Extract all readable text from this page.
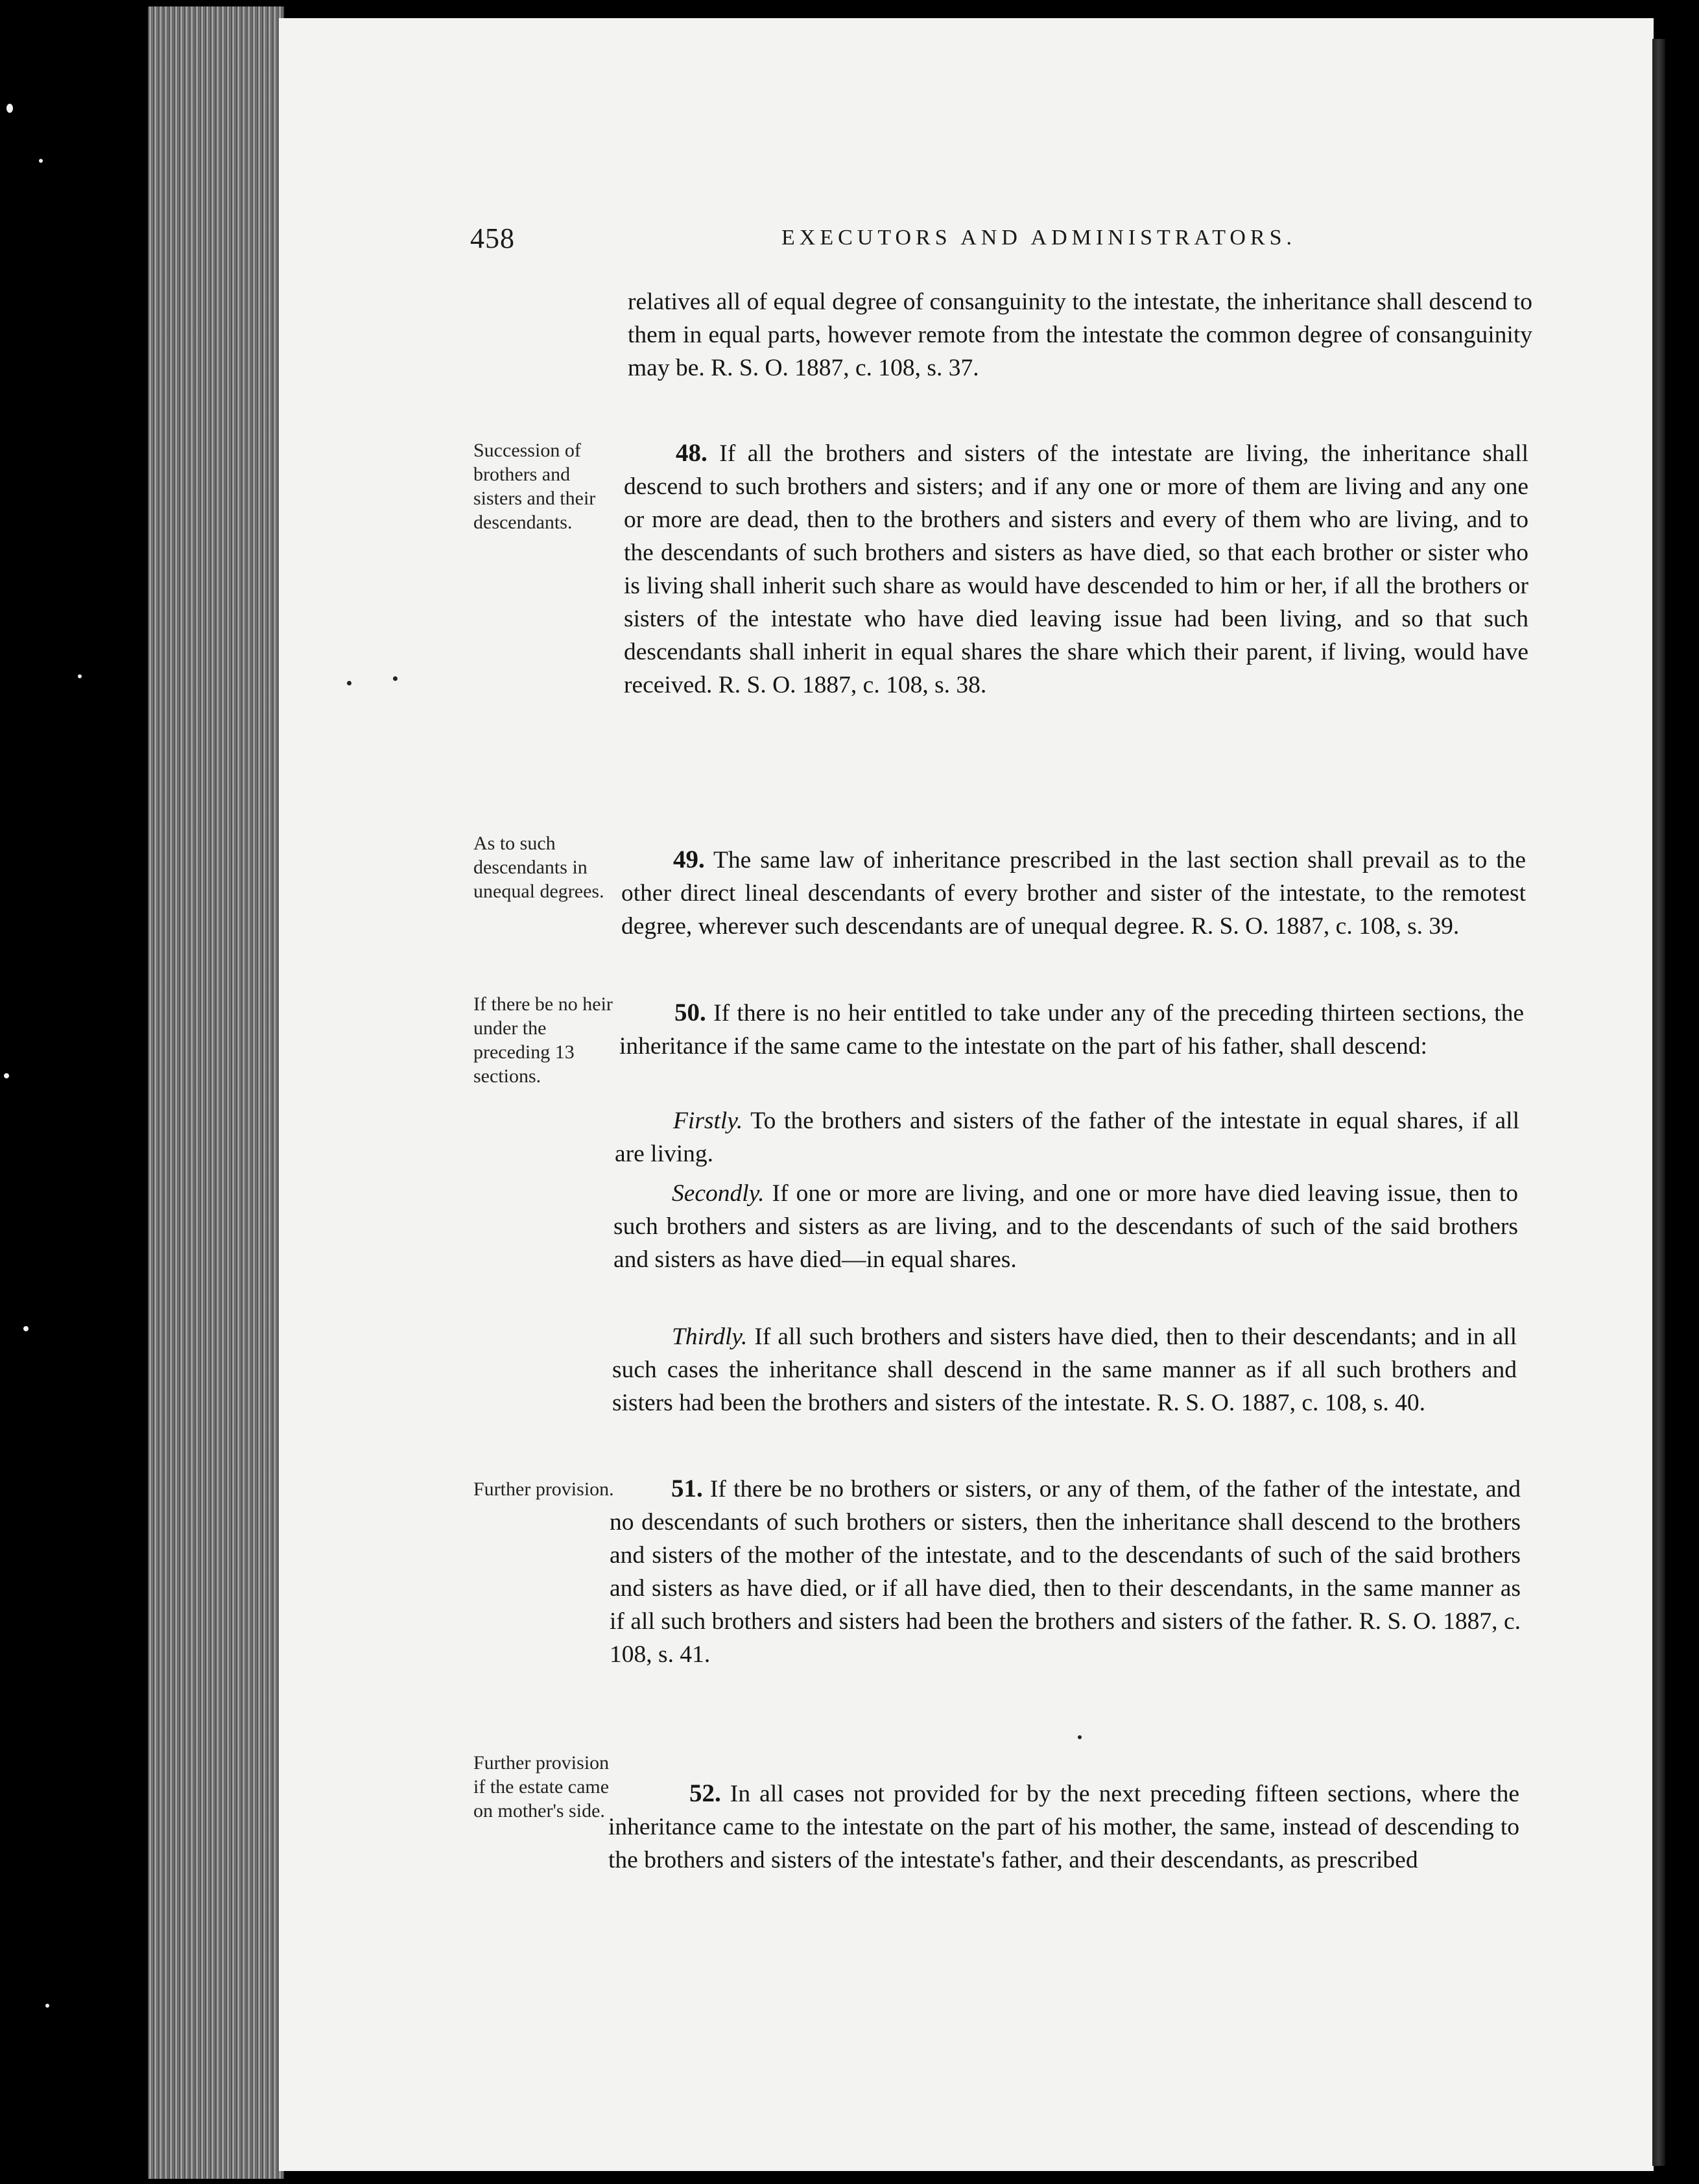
458	EXECUTORS AND ADMINISTRATORS.
relatives all of equal degree of consanguinity to the intestate, the inheritance shall descend to them in equal parts, however remote from the intestate the common degree of consanguinity may be. R. S. O. 1887, c. 108, s. 37.
Succession of brothers and sisters and their descendants.
48. If all the brothers and sisters of the intestate are living, the inheritance shall descend to such brothers and sisters; and if any one or more of them are living and any one or more are dead, then to the brothers and sisters and every of them who are living, and to the descendants of such brothers and sisters as have died, so that each brother or sister who is living shall inherit such share as would have descended to him or her, if all the brothers or sisters of the intestate who have died leaving issue had been living, and so that such descendants shall inherit in equal shares the share which their parent, if living, would have received. R. S. O. 1887, c. 108, s. 38.
As to such descendants in unequal degrees.
49. The same law of inheritance prescribed in the last section shall prevail as to the other direct lineal descendants of every brother and sister of the intestate, to the remotest degree, wherever such descendants are of unequal degree. R. S. O. 1887, c. 108, s. 39.
If there be no heir under the preceding 13 sections.
50. If there is no heir entitled to take under any of the preceding thirteen sections, the inheritance if the same came to the intestate on the part of his father, shall descend:
Firstly. To the brothers and sisters of the father of the intestate in equal shares, if all are living.
Secondly. If one or more are living, and one or more have died leaving issue, then to such brothers and sisters as are living, and to the descendants of such of the said brothers and sisters as have died—in equal shares.
Thirdly. If all such brothers and sisters have died, then to their descendants; and in all such cases the inheritance shall descend in the same manner as if all such brothers and sisters had been the brothers and sisters of the intestate. R. S. O. 1887, c. 108, s. 40.
Further provision.	51. If there be no brothers or sisters, or any of them, of the father of the intestate, and no descendants of such brothers or sisters, then the inheritance shall descend to the brothers and sisters of the mother of the intestate, and to the descendants of such of the said brothers and sisters as have died, or if all have died, then to their descendants, in the same manner as if all such brothers and sisters had been the brothers and sisters of the father. R. S. O. 1887, c. 108, s. 41.
Further provision if the estate came on mother's side.
52. In all cases not provided for by the next preceding fifteen sections, where the inheritance came to the intestate on the part of his mother, the same, instead of descending to the brothers and sisters of the intestate's father, and their descendants, as prescribed
